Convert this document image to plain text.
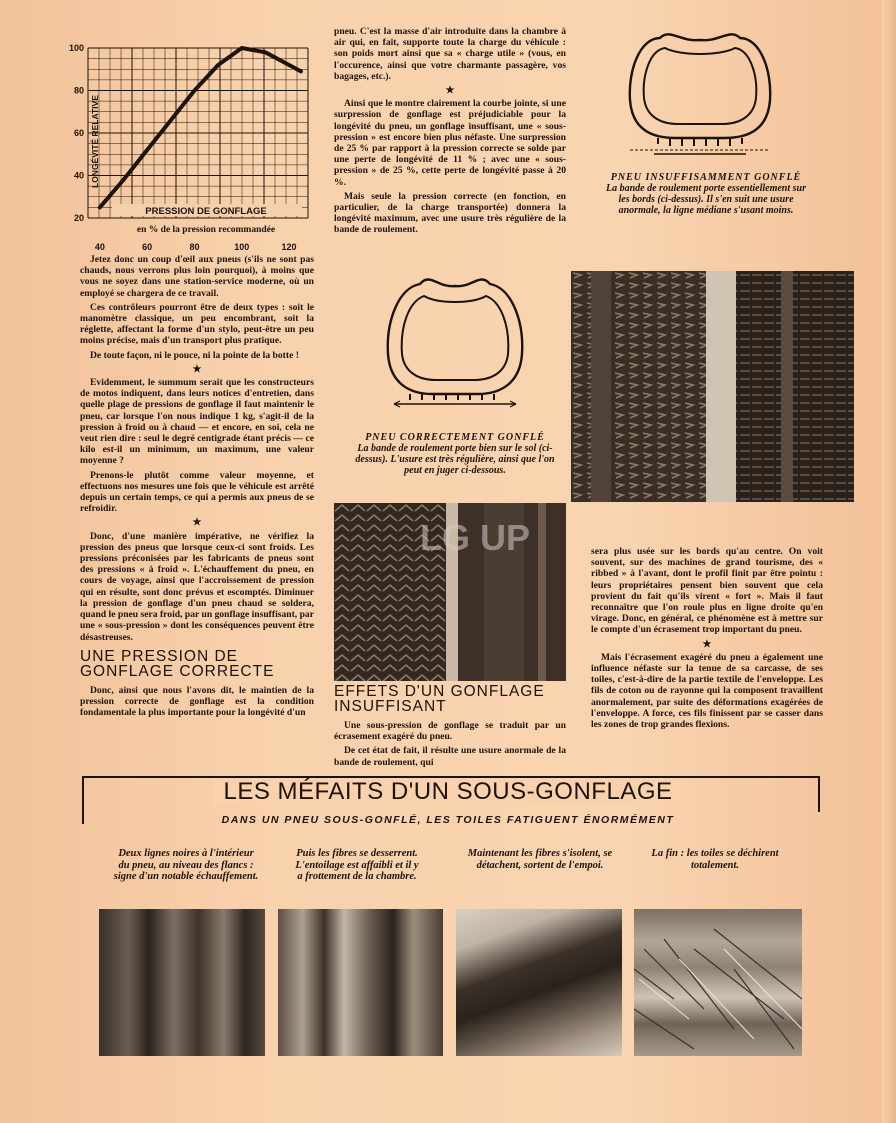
20
40
60
80
100
LONGÉVITÉ RELATIVE
PRESSION DE GONFLAGE
en % de la pression recommandée
40	60	80	100	120

Jetez donc un coup d'œil aux pneus (s'ils ne sont pas chauds, nous verrons plus loin pourquoi), à moins que vous ne soyez dans une station-service moderne, où un employé se chargera de ce travail.

Ces contrôleurs pourront être de deux types : soit le manomètre classique, un peu encombrant, soit la réglette, affectant la forme d'un stylo, peut-être un peu moins précise, mais d'un transport plus pratique.

De toute façon, ni le pouce, ni la pointe de la botte !

★

Evidemment, le summum serait que les constructeurs de motos indiquent, dans leurs notices d'entretien, dans quelle plage de pressions de gonflage il faut maintenir le pneu, car lorsque l'on nous indique 1 kg, s'agit-il de la pression à froid ou à chaud — et encore, en soi, cela ne veut rien dire : seul le degré centigrade étant précis — ce kilo est-il un minimum, un maximum, une valeur moyenne ?

Prenons-le plutôt comme valeur moyenne, et effectuons nos mesures une fois que le véhicule est arrêté depuis un certain temps, ce qui a permis aux pneus de se refroidir.

★

Donc, d'une manière impérative, ne vérifiez la pression des pneus que lorsque ceux-ci sont froids. Les pressions préconisées par les fabricants de pneus sont des pressions « à froid ». L'échauffement du pneu, en cours de voyage, ainsi que l'accroissement de pression qui en résulte, sont donc prévus et escomptés. Diminuer la pression de gonflage d'un pneu chaud se soldera, quand le pneu sera froid, par un gonflage insuffisant, par une « sous-pression » dont les conséquences peuvent être désastreuses.

UNE PRESSION DE GONFLAGE CORRECTE

Donc, ainsi que nous l'avons dit, le maintien de la pression correcte de gonflage est la condition fondamentale la plus importante pour la longévité d'un

pneu. C'est la masse d'air introduite dans la chambre à air qui, en fait, supporte toute la charge du véhicule : son poids mort ainsi que sa « charge utile » (vous, en l'occurence, ainsi que votre charmante passagère, vos bagages, etc.).

★

Ainsi que le montre clairement la courbe jointe, si une surpression de gonflage est préjudiciable pour la longévité du pneu, un gonflage insuffisant, une « sous-pression » est encore bien plus néfaste. Une surpression de 25 % par rapport à la pression correcte se solde par une perte de longévité de 11 % ; avec une « sous-pression » de 25 %, cette perte de longévité passe à 20 %.

Mais seule la pression correcte (en fonction, en particulier, de la charge transportée) donnera la longévité maximum, avec une usure très régulière de la bande de roulement.

PNEU INSUFFISAMMENT GONFLÉ
La bande de roulement porte essentiellement sur les bords (ci-dessus). Il s'en suit une usure anormale, la ligne médiane s'usant moins.
PNEU CORRECTEMENT GONFLÉ
La bande de roulement porte bien sur le sol (ci-dessus). L'usure est très régulière, ainsi que l'on peut en juger ci-dessous.
LG UP
EFFETS D'UN GONFLAGE INSUFFISANT

Une sous-pression de gonflage se traduit par un écrasement exagéré du pneu.

De cet état de fait, il résulte une usure anormale de la bande de roulement, qui

sera plus usée sur les bords qu'au centre. On voit souvent, sur des machines de grand tourisme, des « ribbed » à l'avant, dont le profil finit par être pointu : leurs propriétaires pensent bien souvent que cela provient du fait qu'ils virent « fort ». Mais il faut reconnaître que l'on roule plus en ligne droite qu'en virage. Donc, en général, ce phénomène est à mettre sur le compte d'un écrasement trop important du pneu.

★

Mais l'écrasement exagéré du pneu a également une influence néfaste sur la tenue de sa carcasse, de ses toiles, c'est-à-dire de la partie textile de l'enveloppe. Les fils de coton ou de rayonne qui la composent travaillent anormalement, par suite des déformations exagérées de l'enveloppe. A force, ces fils finissent par se casser dans les zones de trop grandes flexions.

LES MÉFAITS D'UN SOUS-GONFLAGE
DANS UN PNEU SOUS-GONFLÉ, LES TOILES FATIGUENT ÉNORMÉMENT
Deux lignes noires à l'intérieur du pneu, au niveau des flancs : signe d'un notable échauffement.
Puis les fibres se desserrent. L'entoilage est affaibli et il y a frottement de la chambre.
Maintenant les fibres s'isolent, se détachent, sortent de l'empoi.
La fin : les toiles se déchirent totalement.
